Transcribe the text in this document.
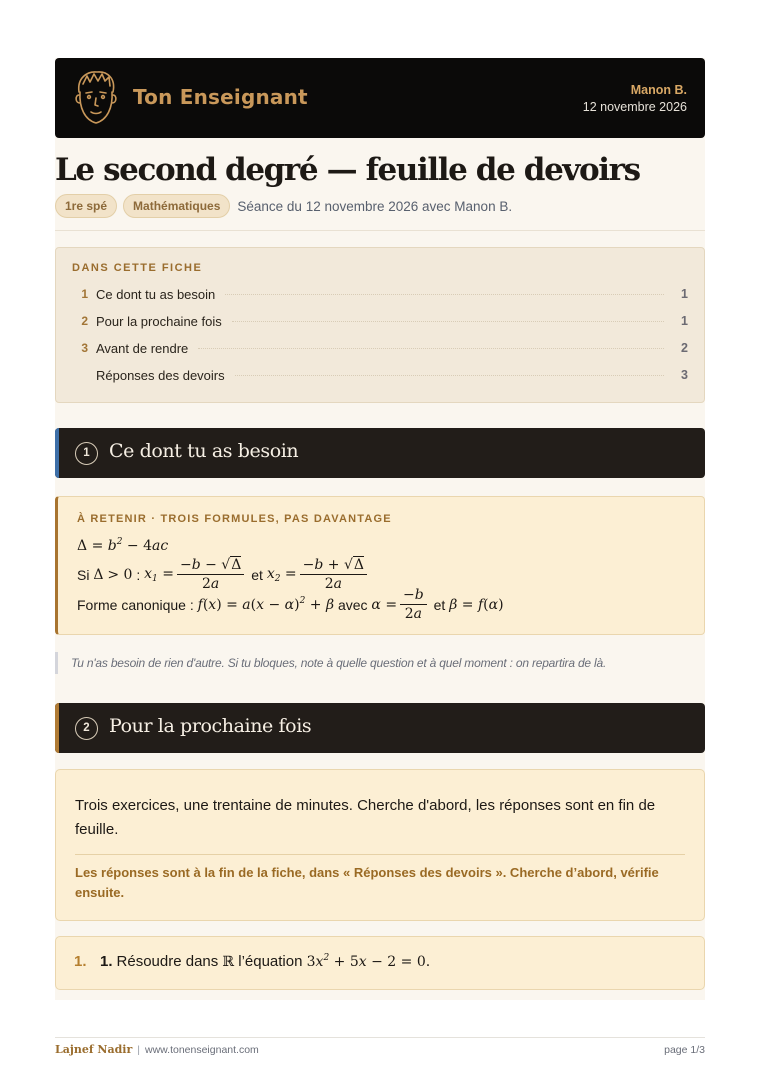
Ton Enseignant	Manon B.
12 novembre 2026
Le second degré — feuille de devoirs
1re spé	Mathématiques	Séance du 12 novembre 2026 avec Manon B.
DANS CETTE FICHE
1 Ce dont tu as besoin	1
2 Pour la prochaine fois	1
3 Avant de rendre	2
Réponses des devoirs	3
1	Ce dont tu as besoin
À RETENIR · TROIS FORMULES, PAS DAVANTAGE
$\Delta = b^2 - 4ac$
Si
Δ
> 0 : $x_1 = \frac{-b - √\Delta}{2a}$
et
$x_2 = \frac{-b + √\Delta}{2a}$
Forme canonique :
$f(x) = a(x - \alpha)^2 + \beta$
avec
$\alpha = \frac{-b}{2a}$
et
β = f(α)
Tu n'as besoin de rien d'autre. Si tu bloques, note à quelle question et à quel moment : on repartira de là.
2	Pour la prochaine fois
Trois exercices, une trentaine de minutes. Cherche d'abord, les réponses sont en fin de feuille.
Les réponses sont à la fin de la fiche, dans « Réponses des devoirs ». Cherche d’abord, vérifie ensuite.
1. 1. Résoudre dans
ℝ
l’équation
$3x^2 + 5x - 2 = 0$.
Lajnef Nadir | www.tonenseignant.com	page 1/3
